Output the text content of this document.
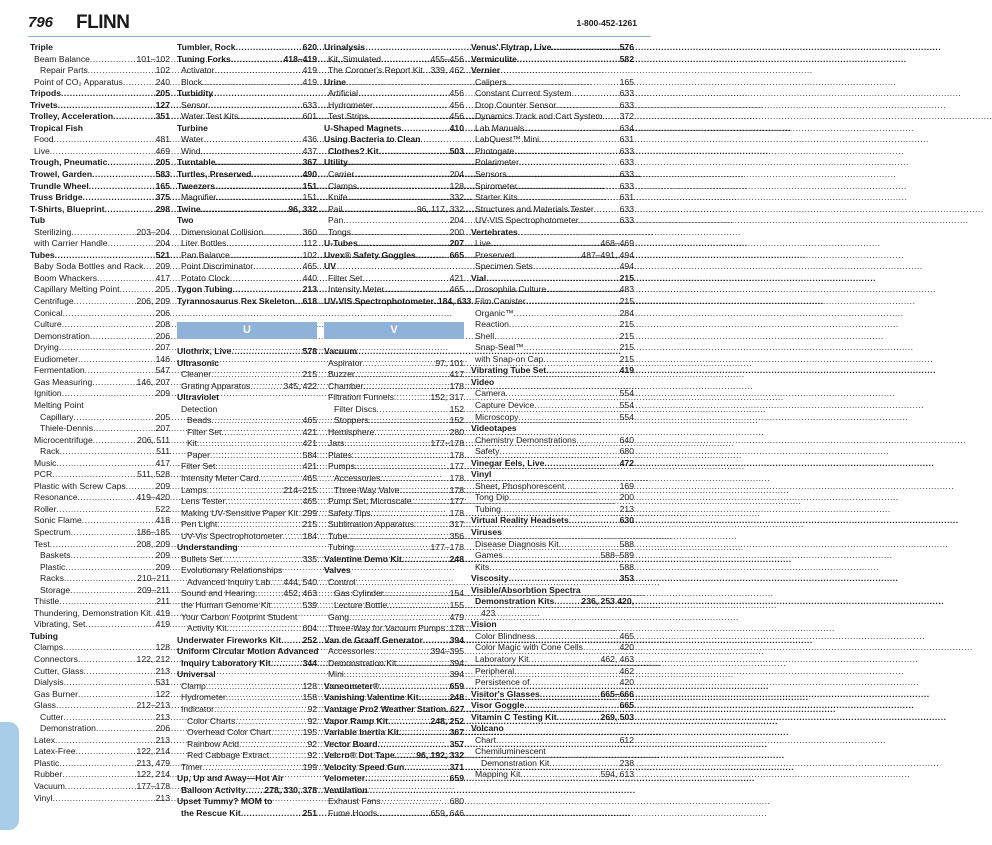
796 FLINN	1-800-452-1261
Triple
Beam Balance .....	101–102
Repair Parts .....	102
Point of CO₂ Apparatus .....	240
Tripods .....	205
Trivets .....	127
Trolley, Acceleration .....	351
Tropical Fish
Food .....	481
Live .....	469
Trough, Pneumatic .....	205
Trowel, Garden .....	583
Trundle Wheel .....	165
Truss Bridge .....	375
T-Shirts, Blueprint .....	298
Tub
Sterilizing .....	203–204
with Carrier Handle .....	204
Tubes .....	521
Baby Soda Bottles and Rack ..... 209
Boom Whackers .....	417
Capillary Melting Point .....	205
Centrifuge .....	206, 209
Conical .....	206
Culture .....	208
Demonstration .....	206
Drying .....	207
Eudiometer .....	146
Fermentation .....	547
Gas Measuring .....	146, 207
Ignition .....	209
Melting Point
Capillary .....	205
Thiele-Dennis .....	207
Microcentrifuge .....	206, 511
Rack .....	511
Music .....	417
PCR .....	511, 528
Plastic with Screw Caps .....	209
Resonance .....	419–420
Roller .....	522
Sonic Flame .....	418
Spectrum .....	186–185
Test .....	208, 209
Baskets .....	209
Plastic .....	209
Racks .....	210–211
Storage .....	209–211
Thistle .....	211
Thundering, Demonstration Kit ..... 419
Vibrating, Set .....	419
Tubing
Clamps .....	128
Connectors .....	122, 212
Cutter, Glass .....	213
Dialysis .....	531
Gas Burner .....	122
Glass .....	212–213
Cutter .....	213
Demonstration .....	206
Latex .....	213
Latex-Free .....	122, 214
Plastic .....	213, 479
Rubber .....	122, 214
Vacuum .....	177–178
Vinyl .....	213
Tumbler, Rock .....	620
Tuning Forks .....	418–419
Activator .....	419
Block .....	419
Turbidity
Sensor .....	633
Water Test Kits .....	601
Turbine
Water .....	436
Wind .....	437
Turntable .....	367
Turtles, Preserved .....	490
Tweezers .....	151
Magnifier .....	151
Twine .....	96, 332
Two
Dimensional Collision .....	360
Liter Bottles .....	112
Pan Balance .....	102
Point Discriminator .....	465
Potato Clock .....	440
Tygon Tubing .....	213
Tyrannosaurus Rex Skeleton ..... 618
U
Ulothrix, Live .....	578
Ultrasonic
Cleaner .....	215
Grating Apparatus .....	345, 422
Ultraviolet
Detection
Beads .....	465
Filter Set .....	421
Kit .....	421
Paper .....	584
Filter Set .....	421
Intensity Meter Card .....	465
Lamps .....	214–215
Lens Tester .....	465
Making UV-Sensitive Paper Kit ..... 299
Pen Light .....	215
UV-Vis Spectrophotometer ..... 184
Understanding
Bullets Set .....	335
Evolutionary Relationships
Advanced Inquiry Lab ..... 444, 540
Sound and Hearing .....	452, 463
the Human Genome Kit .....	539
Your Carbon Footprint Student
Activity Kit .....	604
Underwater Fireworks Kit .....	252
Uniform Circular Motion Advanced
Inquiry Laboratory Kit .....	344
Universal
Clamp .....	128
Hydrometer .....	158
Indicator .....	92
Color Charts .....	92
Overhead Color Chart .....	195
Rainbow Acid .....	92
Red Cabbage Extract .....	92
Timer .....	199
Up, Up and Away—Hot Air
Balloon Activity ..... 278, 330, 378
Upset Tummy? MOM to
the Rescue Kit .....	251
Urinalysis
Kit, Simulated .....	455–456
The Coroner's Report Kit ..... 339, 462
Urine
Artificial .....	456
Hydrometer .....	456
Test Strips .....	456
U-Shaped Magnets .....	410
Using Bacteria to Clean
Clothes? Kit .....	503
Utility
Carrier .....	204
Clamps .....	128
Knife .....	332
Pail .....	96, 117, 332
Pan .....	204
Tongs .....	200
U-Tubes .....	207
Uvex® Safety Goggles .....	665
UV
Filter Set .....	421
Intensity Meter .....	465
UV-VIS Spectrophotometer ..... 184, 633
V
Vacuum
Aspirator .....	97, 101
Buzzer .....	417
Chamber .....	178
Filtration Funnels .....	152, 317
Filter Discs .....	152
Stoppers .....	152
Hemisphere .....	280
Jars .....	177–178
Plates .....	178
Pumps .....	177
Accessories .....	178
Three-Way Valve .....	178
Pump Set, Microscale .....	177
Safety Tips .....	178
Sublimation Apparatus .....	317
Tube .....	356
Tubing .....	177–178
Valentine Demo Kit .....	248
Valves
Control
Gas Cylinder .....	154
Lecture Bottle .....	155
Gang .....	479
Three-Way for Vacuum Pumps ..... 178
Van de Graaff Generator .....	394
Accessories .....	394–395
Demonstration Kit .....	394
Mini .....	394
Vaneometer® .....	659
Vanishing Valentine Kit .....	248
Vantage Pro2 Weather Station ..... 627
Vapor Ramp Kit .....	248, 252
Variable Inertia Kit .....	367
Vector Board .....	357
Velcro® Dot Tape .....	96, 192, 332
Velocity Speed Gun .....	371
Velometer .....	659
Ventilation
Exhaust Fans .....	680
Fume Hoods .....	659, 646
Venus' Flytrap, Live .....	576
Vermiculite .....	582
Vernier
Calipers .....	165
Constant Current System .....	633
Drop Counter Sensor .....	633
Dynamics Track and Cart System ..... 372
Lab Manuals .....	634
LabQuest™ Mini .....	631
Photogate .....	633
Polarimeter .....	633
Sensors .....	633
Spirometer .....	633
Starter Kits .....	631
Structures and Materials Tester .....	633
UV-VIS Spectrophotometer .....	633
Vertebrates
Live .....	468–469
Preserved .....	487–491, 494
Specimen Sets .....	494
Vial .....	215
Drosophila Culture .....	483
Film Canister .....	215
Organic™ .....	284
Reaction .....	215
Shell .....	215
Snap-Seal™ .....	215
with Snap-on Cap .....	215
Vibrating Tube Set .....	419
Video
Camera .....	554
Capture Device .....	554
Microscopy .....	554
Videotapes
Chemistry Demonstrations .....	640
Safety .....	680
Vinegar Eels, Live .....	472
Vinyl
Sheet, Phosphorescent .....	169
Tong Dip .....	200
Tubing .....	213
Virtual Reality Headsets .....	630
Viruses
Disease Diagnosis Kit .....	588
Games .....	588–589
Kits .....	588
Viscosity .....	353
Visible/Absorbtion Spectra
Demonstration Kits .....	236, 253 420,
423
Vision
Color Blindness .....	465
Color Magic with Cone Cells .....	420
Laboratory Kit .....	462, 463
Peripheral .....	462
Persistence of .....	420
Visitor's Glasses .....	665–666
Visor Goggle .....	665
Vitamin C Testing Kit .....	269, 503
Volcano
Chart .....	612
Chemiluminescent
Demonstration Kit .....	238
Mapping Kit .....	594, 613
